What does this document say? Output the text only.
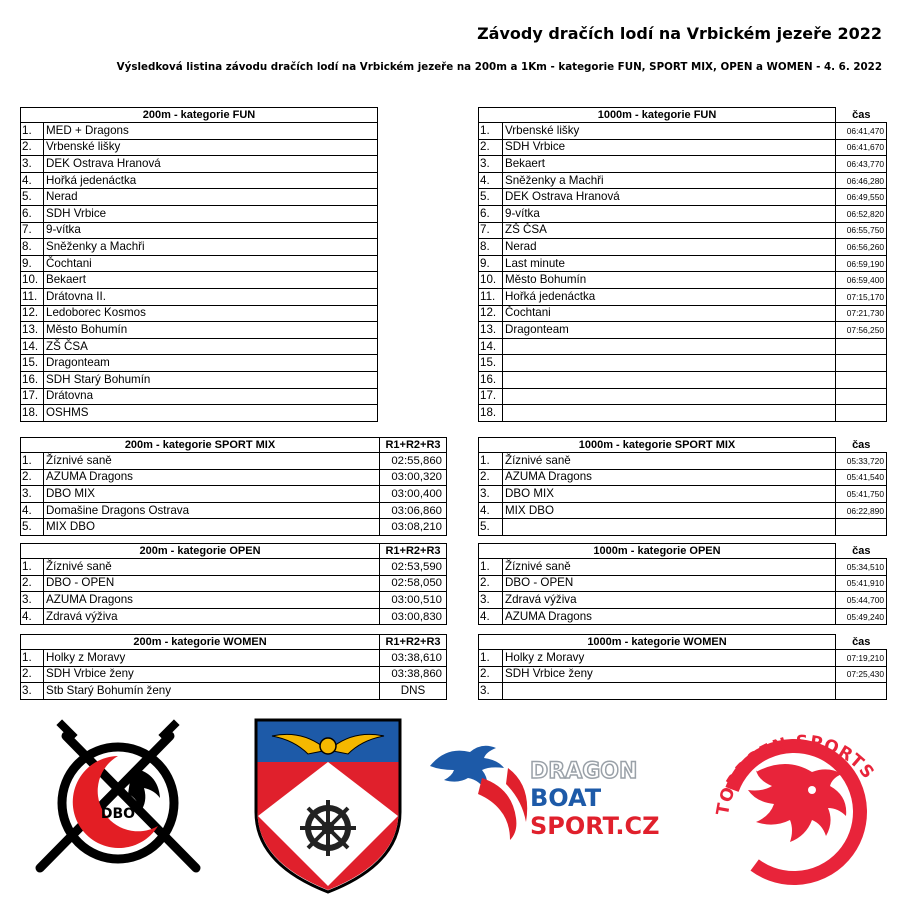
Závody dračích lodí na Vrbickém jezeře 2022
Výsledková listina závodu dračích lodí na Vrbickém jezeře na 200m a 1Km - kategorie FUN, SPORT MIX, OPEN a WOMEN - 4. 6. 2022
200m - kategorie FUN	
1.	MED + Dragons
2.	Vrbenské lišky
3.	DEK Ostrava Hranová
4.	Hořká jedenáctka
5.	Nerad
6.	SDH Vrbice
7.	9-vítka
8.	Sněženky a Machři
9.	Čochtani
10.	Bekaert
11.	Drátovna II.
12.	Ledoborec Kosmos
13.	Město Bohumín
14.	ZŠ ČSA
15.	Dragonteam
16.	SDH Starý Bohumín
17.	Drátovna
18.	OSHMS
1000m - kategorie FUN		čas
1.	Vrbenské lišky	06:41,470
2.	SDH Vrbice	06:41,670
3.	Bekaert	06:43,770
4.	Sněženky a Machři	06:46,280
5.	DEK Ostrava Hranová	06:49,550
6.	9-vítka	06:52,820
7.	ZŠ ČSA	06:55,750
8.	Nerad	06:56,260
9.	Last minute	06:59,190
10.	Město Bohumín	06:59,400
11.	Hořká jedenáctka	07:15,170
12.	Čochtani	07:21,730
13.	Dragonteam	07:56,250
14.		
15.		
16.		
17.		
18.		
200m - kategorie SPORT MIX		R1+R2+R3
1.	Žíznivé saně	02:55,860
2.	AZUMA Dragons	03:00,320
3.	DBO MIX	03:00,400
4.	Domašine Dragons Ostrava	03:06,860
5.	MIX DBO	03:08,210
1000m - kategorie SPORT MIX		čas
1.	Žíznivé saně	05:33,720
2.	AZUMA Dragons	05:41,540
3.	DBO MIX	05:41,750
4.	MIX DBO	06:22,890
5.		
200m - kategorie OPEN		R1+R2+R3
1.	Žíznivé saně	02:53,590
2.	DBO - OPEN	02:58,050
3.	AZUMA Dragons	03:00,510
4.	Zdravá výživa	03:00,830
1000m - kategorie OPEN		čas
1.	Žíznivé saně	05:34,510
2.	DBO - OPEN	05:41,910
3.	Zdravá výživa	05:44,700
4.	AZUMA Dragons	05:49,240
200m - kategorie WOMEN		R1+R2+R3
1.	Holky z Moravy	03:38,610
2.	SDH Vrbice ženy	03:38,860
3.	Stb Starý Bohumín ženy	DNS
1000m - kategorie WOMEN		čas
1.	Holky z Moravy	07:19,210
2.	SDH Vrbice ženy	07:25,430
3.		
DBO
DRAGON
BOAT
SPORT.CZ
TORRSEN SPORTS
